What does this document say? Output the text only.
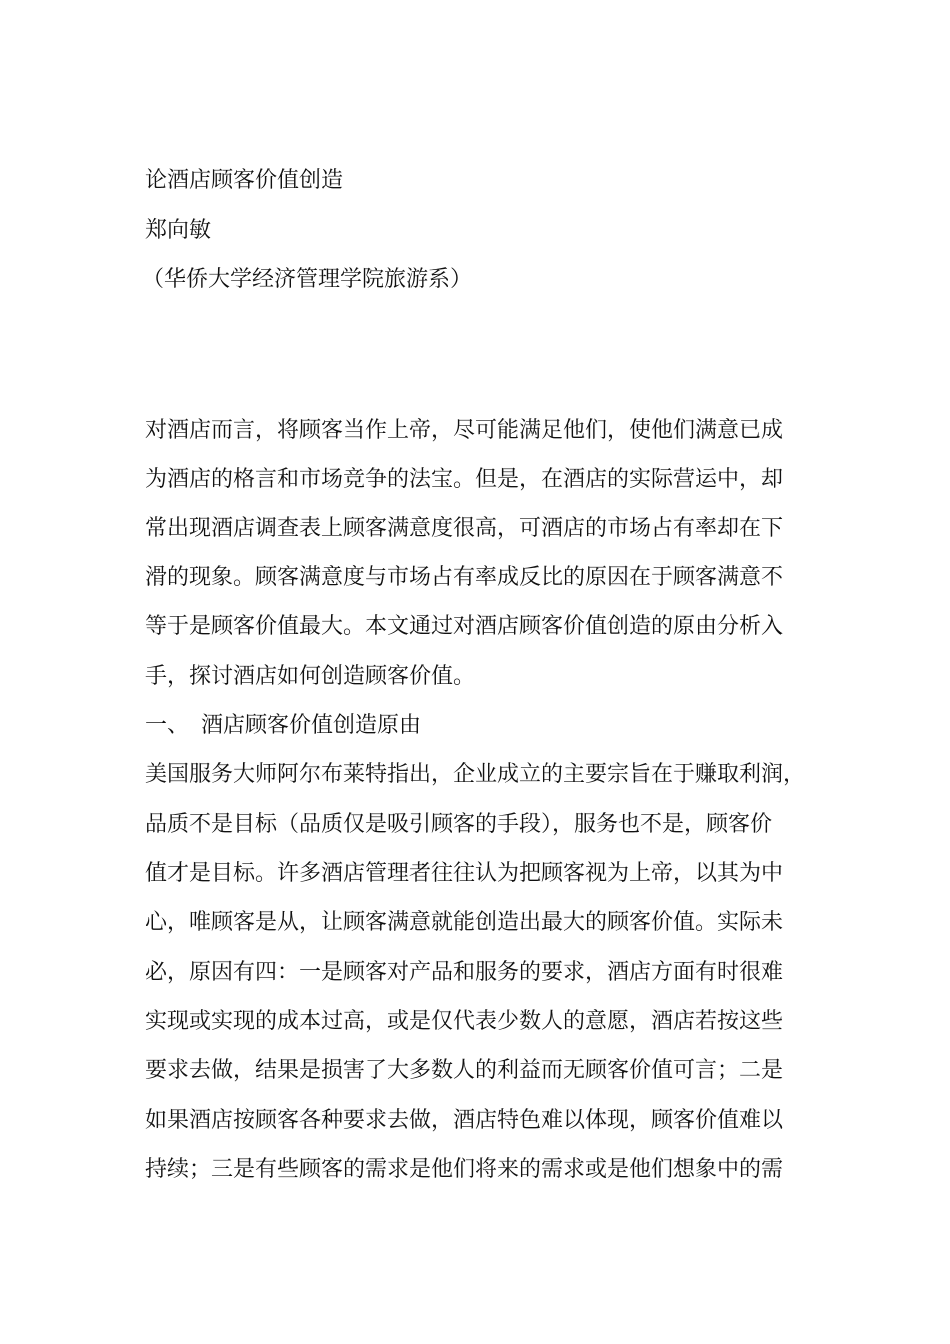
论酒店顾客价值创造
郑向敏
（华侨大学经济管理学院旅游系）
对酒店而言，将顾客当作上帝，尽可能满足他们，使他们满意已成
为酒店的格言和市场竞争的法宝。但是，在酒店的实际营运中，却
常出现酒店调查表上顾客满意度很高，可酒店的市场占有率却在下
滑的现象。顾客满意度与市场占有率成反比的原因在于顾客满意不
等于是顾客价值最大。本文通过对酒店顾客价值创造的原由分析入
手，探讨酒店如何创造顾客价值。
一、 酒店顾客价值创造原由
美国服务大师阿尔布莱特指出，企业成立的主要宗旨在于赚取利润，
品质不是目标（品质仅是吸引顾客的手段），服务也不是，顾客价
值才是目标。许多酒店管理者往往认为把顾客视为上帝，以其为中
心，唯顾客是从，让顾客满意就能创造出最大的顾客价值。实际未
必，原因有四：一是顾客对产品和服务的要求，酒店方面有时很难
实现或实现的成本过高，或是仅代表少数人的意愿，酒店若按这些
要求去做，结果是损害了大多数人的利益而无顾客价值可言；二是
如果酒店按顾客各种要求去做，酒店特色难以体现，顾客价值难以
持续；三是有些顾客的需求是他们将来的需求或是他们想象中的需
